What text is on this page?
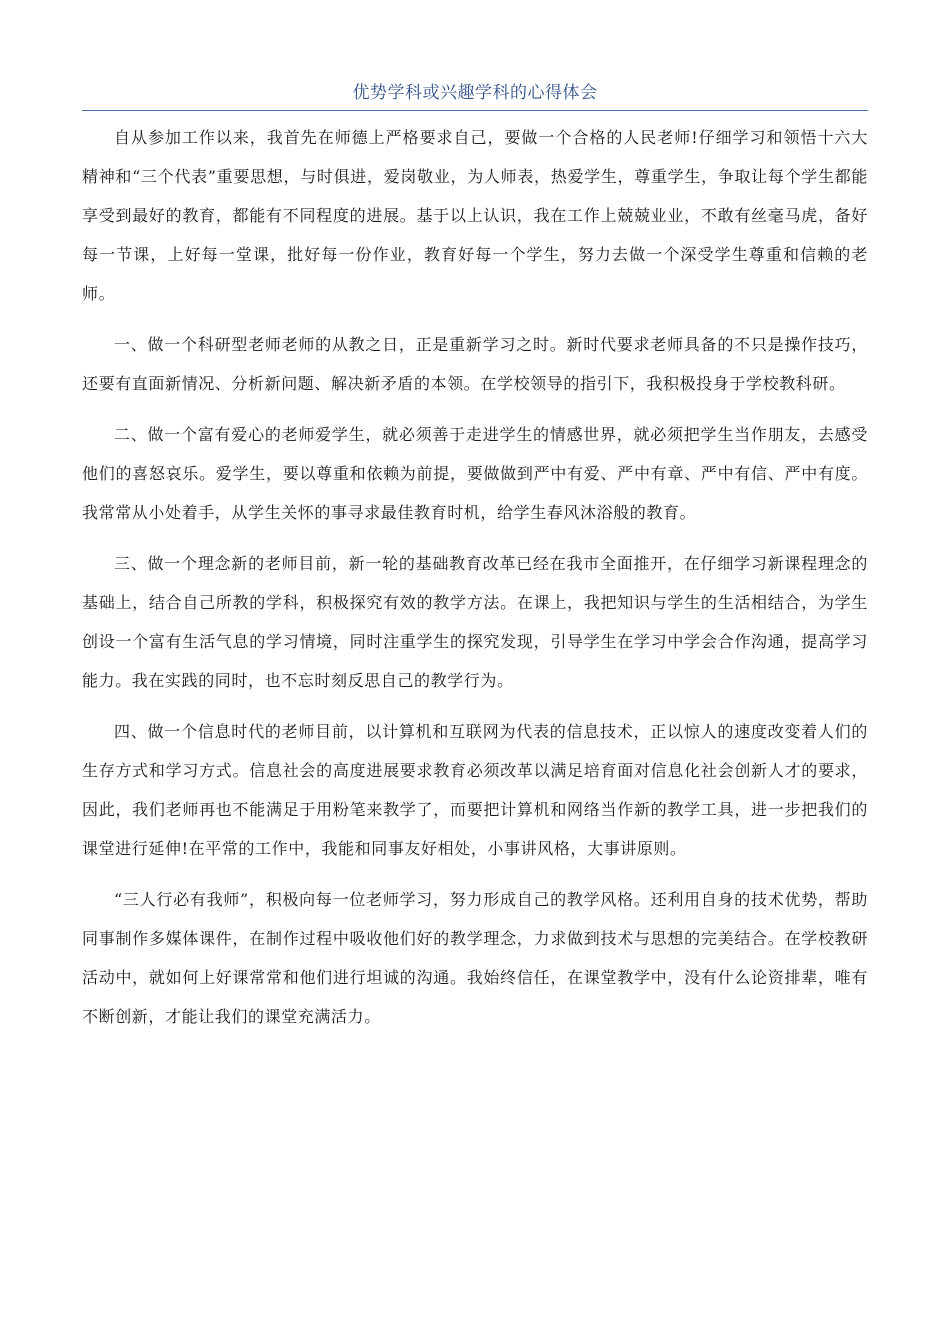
优势学科或兴趣学科的心得体会

自从参加工作以来，我首先在师德上严格要求自己，要做一个合格的人民老师!仔细学习和领悟十六大精神和“三个代表”重要思想，与时俱进，爱岗敬业，为人师表，热爱学生，尊重学生，争取让每个学生都能享受到最好的教育，都能有不同程度的进展。基于以上认识，我在工作上兢兢业业，不敢有丝毫马虎，备好每一节课，上好每一堂课，批好每一份作业，教育好每一个学生，努力去做一个深受学生尊重和信赖的老师。

一、做一个科研型老师老师的从教之日，正是重新学习之时。新时代要求老师具备的不只是操作技巧，还要有直面新情况、分析新问题、解决新矛盾的本领。在学校领导的指引下，我积极投身于学校教科研。

二、做一个富有爱心的老师爱学生，就必须善于走进学生的情感世界，就必须把学生当作朋友，去感受他们的喜怒哀乐。爱学生，要以尊重和依赖为前提，要做做到严中有爱、严中有章、严中有信、严中有度。我常常从小处着手，从学生关怀的事寻求最佳教育时机，给学生春风沐浴般的教育。

三、做一个理念新的老师目前，新一轮的基础教育改革已经在我市全面推开，在仔细学习新课程理念的基础上，结合自己所教的学科，积极探究有效的教学方法。在课上，我把知识与学生的生活相结合，为学生创设一个富有生活气息的学习情境，同时注重学生的探究发现，引导学生在学习中学会合作沟通，提高学习能力。我在实践的同时，也不忘时刻反思自己的教学行为。

四、做一个信息时代的老师目前，以计算机和互联网为代表的信息技术，正以惊人的速度改变着人们的生存方式和学习方式。信息社会的高度进展要求教育必须改革以满足培育面对信息化社会创新人才的要求，因此，我们老师再也不能满足于用粉笔来教学了，而要把计算机和网络当作新的教学工具，进一步把我们的课堂进行延伸!在平常的工作中，我能和同事友好相处，小事讲风格，大事讲原则。

“三人行必有我师”，积极向每一位老师学习，努力形成自己的教学风格。还利用自身的技术优势，帮助同事制作多媒体课件，在制作过程中吸收他们好的教学理念，力求做到技术与思想的完美结合。在学校教研活动中，就如何上好课常常和他们进行坦诚的沟通。我始终信任，在课堂教学中，没有什么论资排辈，唯有不断创新，才能让我们的课堂充满活力。
